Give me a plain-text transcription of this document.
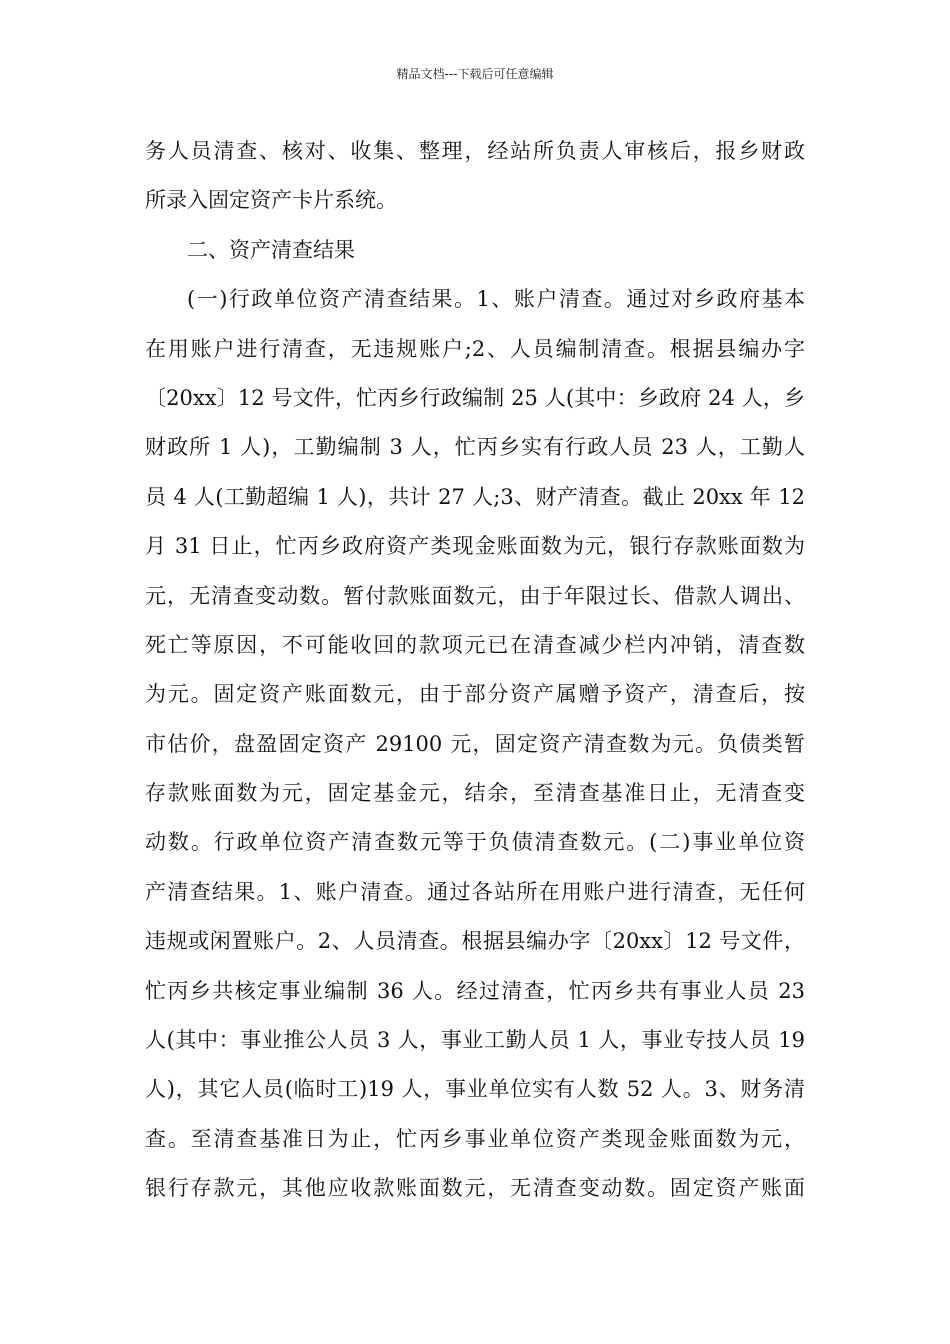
精品文档---下载后可任意编辑
务人员清查、核对、收集、整理，经站所负责人审核后，报乡财政
所录入固定资产卡片系统。
二、资产清查结果
(一)行政单位资产清查结果。1、账户清查。通过对乡政府基本
在用账户进行清查，无违规账户;2、人员编制清查。根据县编办字
〔20xx〕12 号文件，忙丙乡行政编制 25 人(其中：乡政府 24 人，乡
财政所 1 人)，工勤编制 3 人，忙丙乡实有行政人员 23 人，工勤人
员 4 人(工勤超编 1 人)，共计 27 人;3、财产清查。截止 20xx 年 12
月 31 日止，忙丙乡政府资产类现金账面数为元，银行存款账面数为
元，无清查变动数。暂付款账面数元，由于年限过长、借款人调出、
死亡等原因，不可能收回的款项元已在清查减少栏内冲销，清查数
为元。固定资产账面数元，由于部分资产属赠予资产，清查后，按
市估价，盘盈固定资产 29100 元，固定资产清查数为元。负债类暂
存款账面数为元，固定基金元，结余，至清查基准日止，无清查变
动数。行政单位资产清查数元等于负债清查数元。(二)事业单位资
产清查结果。1、账户清查。通过各站所在用账户进行清查，无任何
违规或闲置账户。2、人员清查。根据县编办字〔20xx〕12 号文件，
忙丙乡共核定事业编制 36 人。经过清查，忙丙乡共有事业人员 23
人(其中：事业推公人员 3 人，事业工勤人员 1 人，事业专技人员 19
人)，其它人员(临时工)19 人，事业单位实有人数 52 人。3、财务清
查。至清查基准日为止，忙丙乡事业单位资产类现金账面数为元，
银行存款元，其他应收款账面数元，无清查变动数。固定资产账面
